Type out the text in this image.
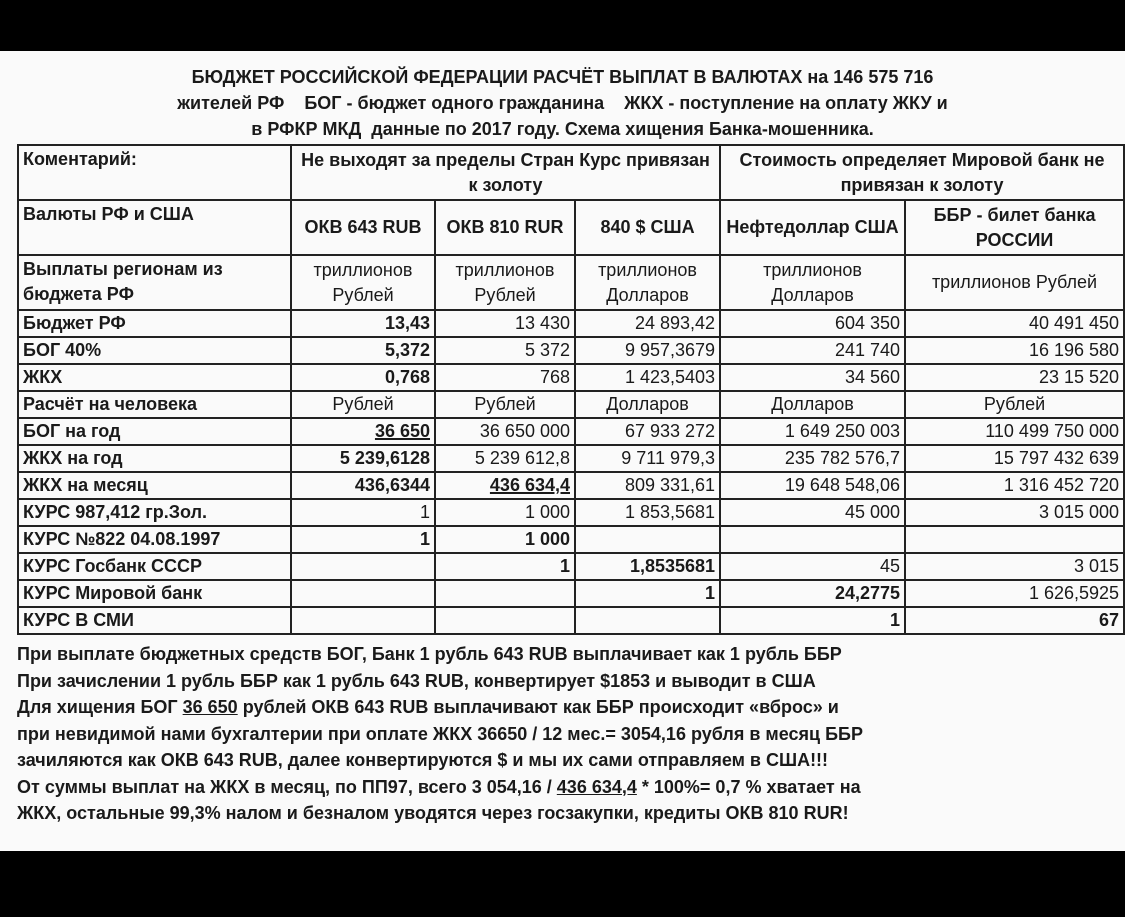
БЮДЖЕТ РОССИЙСКОЙ ФЕДЕРАЦИИ РАСЧЁТ ВЫПЛАТ В ВАЛЮТАХ на 146 575 716
жителей РФ    БОГ - бюджет одного гражданина    ЖКХ - поступление на оплату ЖКУ и
в РФКР МКД  данные по 2017 году. Схема хищения Банка-мошенника.
Коментарий:	Не выходят за пределы Стран Курс привязан к золоту			Стоимость определяет Мировой банк не привязан к золоту	
Валюты РФ и США	ОКВ 643 RUB	ОКВ 810 RUR	840 $ США	Нефтедоллар США	ББР - билет банка РОССИИ
Выплаты регионам из бюджета РФ	триллионов Рублей	триллионов Рублей	триллионов Долларов	триллионов Долларов	триллионов Рублей
Бюджет РФ	13,43	13 430	24 893,42	604 350	40 491 450
БОГ 40%	5,372	5 372	9 957,3679	241 740	16 196 580
ЖКХ	0,768	768	1 423,5403	34 560	23 15 520
Расчёт на человека	Рублей	Рублей	Долларов	Долларов	Рублей
БОГ на год	36 650	36 650 000	67 933 272	1 649 250 003	110 499 750 000
ЖКХ на год	5 239,6128	5 239 612,8	9 711 979,3	235 782 576,7	15 797 432 639
ЖКХ на месяц	436,6344	436 634,4	809 331,61	19 648 548,06	1 316 452 720
КУРС 987,412 гр.Зол.	1	1 000	1 853,5681	45 000	3 015 000
КУРС №822 04.08.1997	1	1 000			
КУРС Госбанк СССР		1	1,8535681	45	3 015
КУРС Мировой банк			1	24,2775	1 626,5925
КУРС В СМИ				1	67
При выплате бюджетных средств БОГ, Банк 1 рубль 643 RUB выплачивает как 1 рубль ББР
При зачислении 1 рубль ББР как 1 рубль 643 RUB, конвертирует $1853 и выводит в США
Для хищения БОГ 36 650 рублей ОКВ 643 RUB выплачивают как ББР происходит «вброс» и
при невидимой нами бухгалтерии при оплате ЖКХ 36650 / 12 мес.= 3054,16 рубля в месяц ББР
зачиляются как ОКВ 643 RUB, далее конвертируются $ и мы их сами отправляем в США!!!
От суммы выплат на ЖКХ в месяц, по ПП97, всего 3 054,16 / 436 634,4 * 100%= 0,7 % хватает на
ЖКХ, остальные 99,3% налом и безналом уводятся через госзакупки, кредиты ОКВ 810 RUR!
